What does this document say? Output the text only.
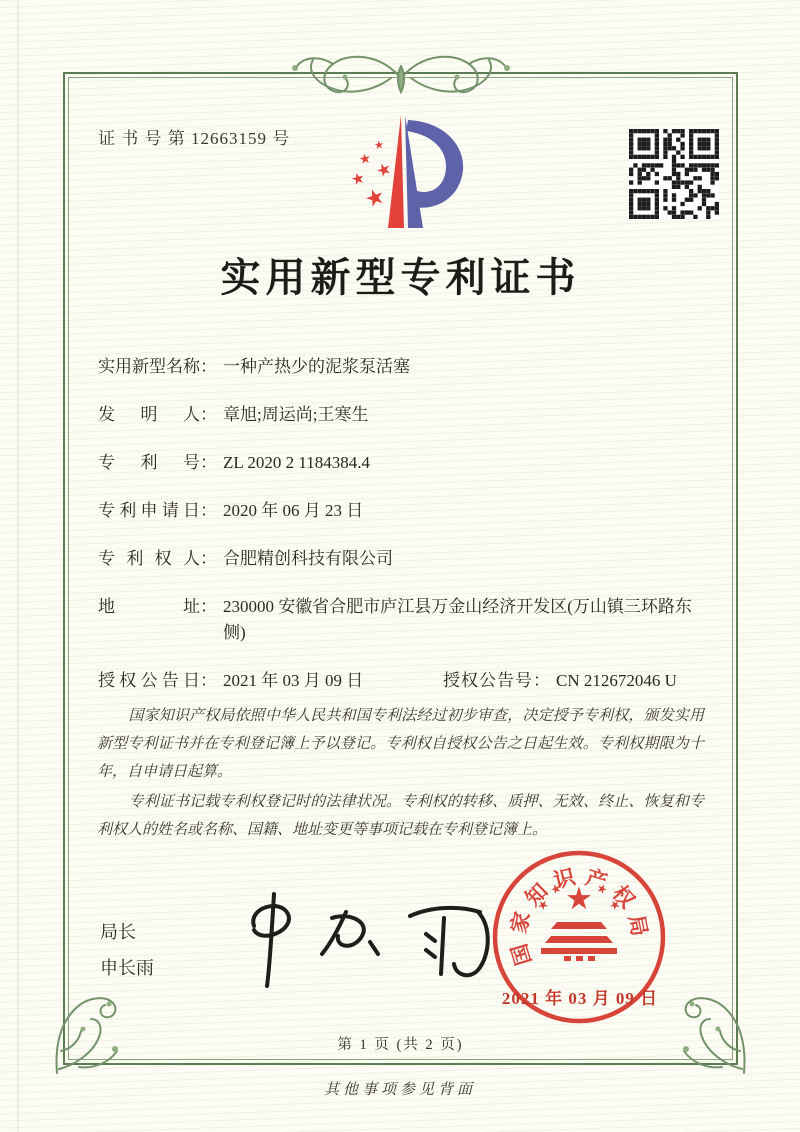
证 书 号 第 12663159 号
实用新型专利证书
实用新型名称 ： 一种产热少的泥浆泵活塞
发明人 ： 章旭;周运尚;王寒生
专利号 ： ZL 2020 2 1184384.4
专利申请日 ： 2020 年 06 月 23 日
专利权人 ： 合肥精创科技有限公司
地址 ： 230000 安徽省合肥市庐江县万金山经济开发区(万山镇三环路东侧)
授权公告日 ： 2021 年 03 月 09 日	授权公告号 ： CN 212672046 U

国家知识产权局依照中华人民共和国专利法经过初步审查，决定授予专利权，颁发实用新型专利证书并在专利登记簿上予以登记。专利权自授权公告之日起生效。专利权期限为十年，自申请日起算。

专利证书记载专利权登记时的法律状况。专利权的转移、质押、无效、终止、恢复和专利权人的姓名或名称、国籍、地址变更等事项记载在专利登记簿上。

局长
申长雨	国
家
知
识 产
权
局
2021 年 03 月 09 日
第 1 页 (共 2 页)
其他事项参见背面
